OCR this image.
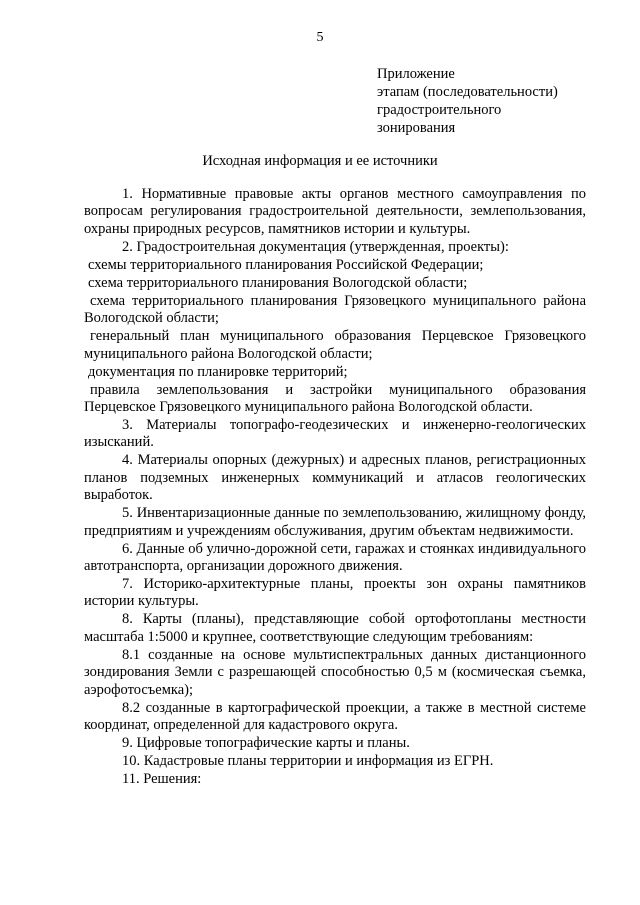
5
Приложение
этапам (последовательности)
градостроительного
зонирования
Исходная информация и ее источники

1. Нормативные правовые акты органов местного самоуправления по вопросам регулирования градостроительной деятельности, землепользования, охраны природных ресурсов, памятников истории и культуры.

2. Градостроительная документация (утвержденная, проекты):

схемы территориального планирования Российской Федерации;

схема территориального планирования Вологодской области;

схема территориального планирования Грязовецкого муниципального района Вологодской области;

генеральный план муниципального образования Перцевское Грязовецкого муниципального района Вологодской области;

документация по планировке территорий;

правила землепользования и застройки муниципального образования Перцевское Грязовецкого муниципального района Вологодской области.

3. Материалы топографо-геодезических и инженерно-геологических изысканий.

4. Материалы опорных (дежурных) и адресных планов, регистрационных планов подземных инженерных коммуникаций и атласов геологических выработок.

5. Инвентаризационные данные по землепользованию, жилищному фонду, предприятиям и учреждениям обслуживания, другим объектам недвижимости.

6. Данные об улично-дорожной сети, гаражах и стоянках индивидуального автотранспорта, организации дорожного движения.

7. Историко-архитектурные планы, проекты зон охраны памятников истории культуры.

8. Карты (планы), представляющие собой ортофотопланы местности масштаба 1:5000 и крупнее, соответствующие следующим требованиям:

8.1 созданные на основе мультиспектральных данных дистанционного зондирования Земли с разрешающей способностью 0,5 м (космическая съемка, аэрофотосъемка);

8.2 созданные в картографической проекции, а также в местной системе координат, определенной для кадастрового округа.

9. Цифровые топографические карты и планы.

10. Кадастровые планы территории и информация из ЕГРН.

11. Решения:
